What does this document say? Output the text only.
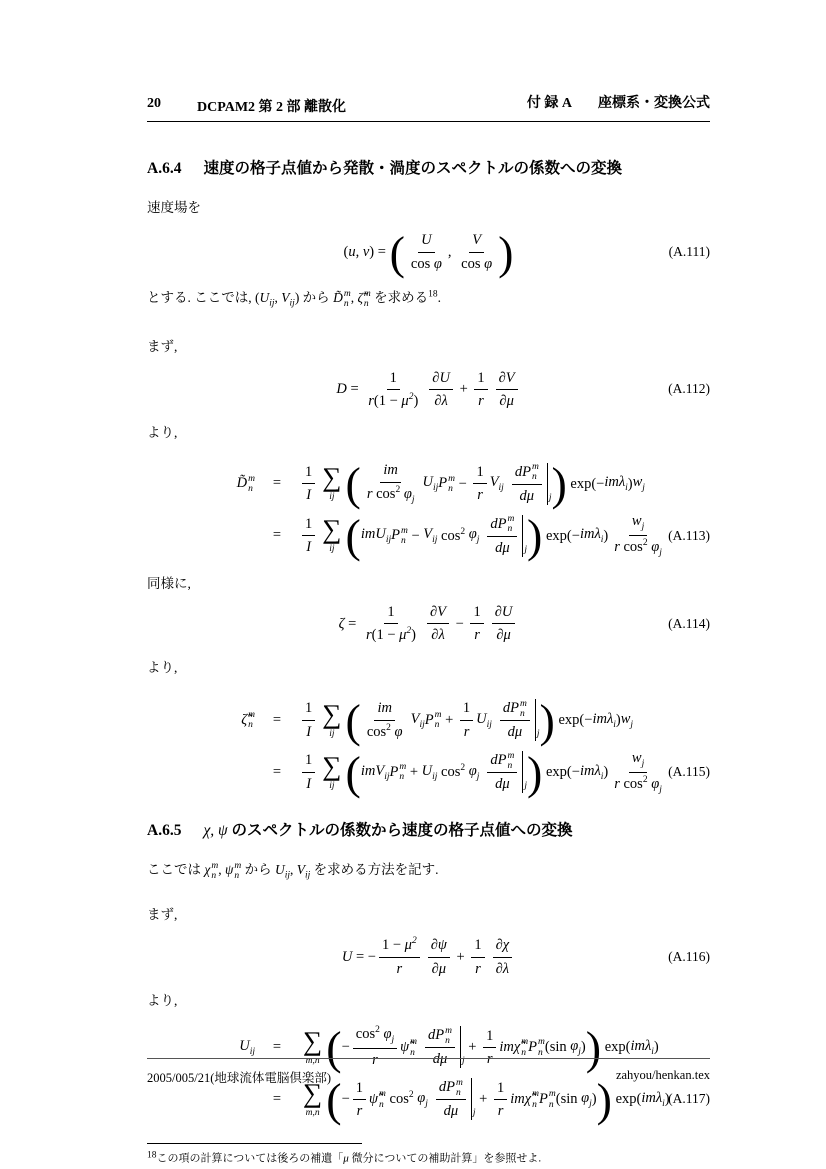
20	DCPAM2 第 2 部 離散化	付 録 A 座標系・変換公式
A.6.4 速度の格子点値から発散・渦度のスペクトルの係数への変換
速度場を
( u , v ) = ( $\frac{U}{\text{cos φ}}$ , $\frac{V}{\text{cos φ}}$ )	(A.111)
とする. ここでは, ($U_{ij}$, $V_{ij}$) から D̃ m
n , ζ̃ m
n を求める$^{18}$.
まず,
$D = \frac{1}{r(1 - \mu^2)} \frac{\partial U}{\partial\lambda} + \frac{1}{r} \frac{\partial V}{\partial\mu}$	(A.112)
より,
D̃ m
n	=	$\frac{1}{I}$ ∑
ij ( $\frac{im}{r \cos^2 \varphi_j} U_{ij}$ P m
$n - \frac{1}{r} V_{ij}$ dP m
n
dμ j ) exp(− imλ$_i$ ) $w_j$
=	$\frac{1}{I}$ ∑
ij ( imU$_{ij}$ P m
$n - V_{ij}$ $\cos^2 \varphi_j$ dP m
n
dμ j ) exp(− imλ$_i$ ) $\frac{w_j}{r \cos^2 \varphi_j} (A.113)$
同様に,
$\zeta = \frac{1}{r(1 - \mu^2)} \frac{\partial V}{\partial\lambda} - \frac{1}{r} \frac{\partial U}{\partial\mu}$	(A.114)
より,
ζ̃ m
n	=	$\frac{1}{I}$ ∑
ij ( $\frac{im}{\cos^2 \varphi} V_{ij}$ P m
$n + \frac{1}{r} U_{ij}$ dP m
n
dμ j ) exp(− imλ$_i$ ) $w_j$
=	$\frac{1}{I}$ ∑
ij ( imV$_{ij}$ P m
$n + U_{ij}$ $\cos^2 \varphi_j$ dP m
n
dμ j ) exp(− imλ$_i$ ) $\frac{w_j}{r \cos^2 \varphi_j} (A.115)$
A.6.5 χ, ψ のスペクトルの係数から速度の格子点値への変換
ここでは χ m
n , ψ m
n から $U_{ij}$, $V_{ij}$ を求める方法を記す.
まず,
U = − $\frac{1 - \mu^2}{r} \frac{\partial\psi}{\partial\mu} + \frac{1}{r} \frac{\partial\chi}{\partial\lambda}$	(A.116)
より,
$U_{ij}$	= ∑
m,n ( − $\frac{\cos^2 \varphi_j}{r}$ ψ̃ m
n dP m
n
dμ j
+ $\frac{1}{r}$ im χ̃ m
n P m
n (sin $\varphi_j$ ) ) exp( imλ$_i$ )
= ∑
m,n ( − $\frac{1}{r}$ ψ̃ m
n $\cos^2 \varphi_j$ dP m
n
dμ j
+ $\frac{1}{r}$ im χ̃ m
n P m
n (sin $\varphi_j$ ) ) exp( imλ$_i$ )
(A.117)
$^{18}$この項の計算については後ろの補遺「μ 微分についての補助計算」を参照せよ.
2005/005/21(地球流体電脳倶楽部)	zahyou/henkan.tex
